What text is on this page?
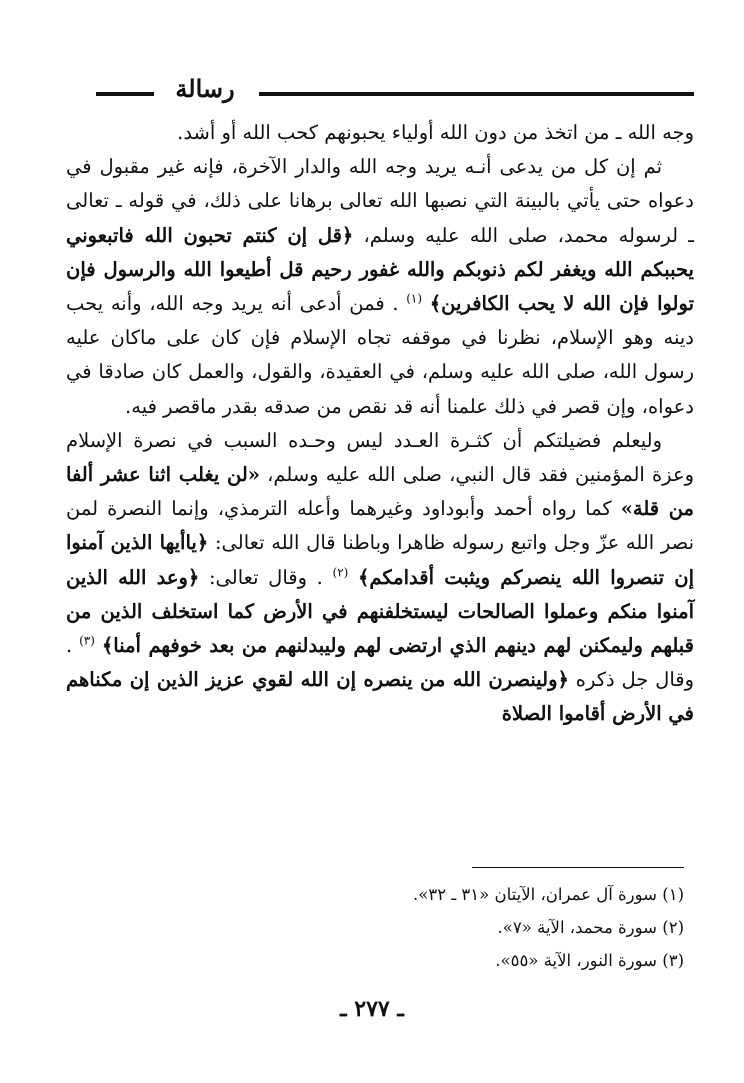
رسالة

وجه الله ـ من اتخذ من دون الله أولياء يحبونهم كحب الله أو أشد.

ثم إن كل من يدعى أنـه يريد وجه الله والدار الآخرة، فإنه غير مقبول في دعواه حتى يأتي بالبينة التي نصبها الله تعالى برهانا على ذلك، في قوله ـ تعالى ـ لرسوله محمد، صلى الله عليه وسلم، ﴿قل إن كنتم تحبون الله فاتبعوني يحببكم الله ويغفر لكم ذنوبكم والله غفور رحيم قل أطيعوا الله والرسول فإن تولوا فإن الله لا يحب الكافرين﴾ $^{(١)}$ . فمن أدعى أنه يريد وجه الله، وأنه يحب دينه وهو الإسلام، نظرنا في موقفه تجاه الإسلام فإن كان على ماكان عليه رسول الله، صلى الله عليه وسلم، في العقيدة، والقول، والعمل كان صادقا في دعواه، وإن قصر في ذلك علمنا أنه قد نقص من صدقه بقدر ماقصر فيه.

وليعلم فضيلتكم أن كثـرة العـدد ليس وحـده السبب في نصرة الإسلام وعزة المؤمنين فقد قال النبي، صلى الله عليه وسلم، «لن يغلب اثنا عشر ألفا من قلة» كما رواه أحمد وأبوداود وغيرهما وأعله الترمذي، وإنما النصرة لمن نصر الله عزّ وجل واتبع رسوله ظاهرا وباطنا قال الله تعالى: ﴿ياأيها الذين آمنوا إن تنصروا الله ينصركم ويثبت أقدامكم﴾ $^{(٢)}$ . وقال تعالى: ﴿وعد الله الذين آمنوا منكم وعملوا الصالحات ليستخلفنهم في الأرض كما استخلف الذين من قبلهم وليمكنن لهم دينهم الذي ارتضى لهم وليبدلنهم من بعد خوفهم أمنا﴾ $^{(٣)}$ . وقال جل ذكره ﴿ولينصرن الله من ينصره إن الله لقوي عزيز الذين إن مكناهم في الأرض أقاموا الصلاة

(١) سورة آل عمران، الآيتان «٣١ ـ ٣٢».

(٢) سورة محمد، الآية «٧».

(٣) سورة النور، الآية «٥٥».

ـ ٢٧٧ ـ
